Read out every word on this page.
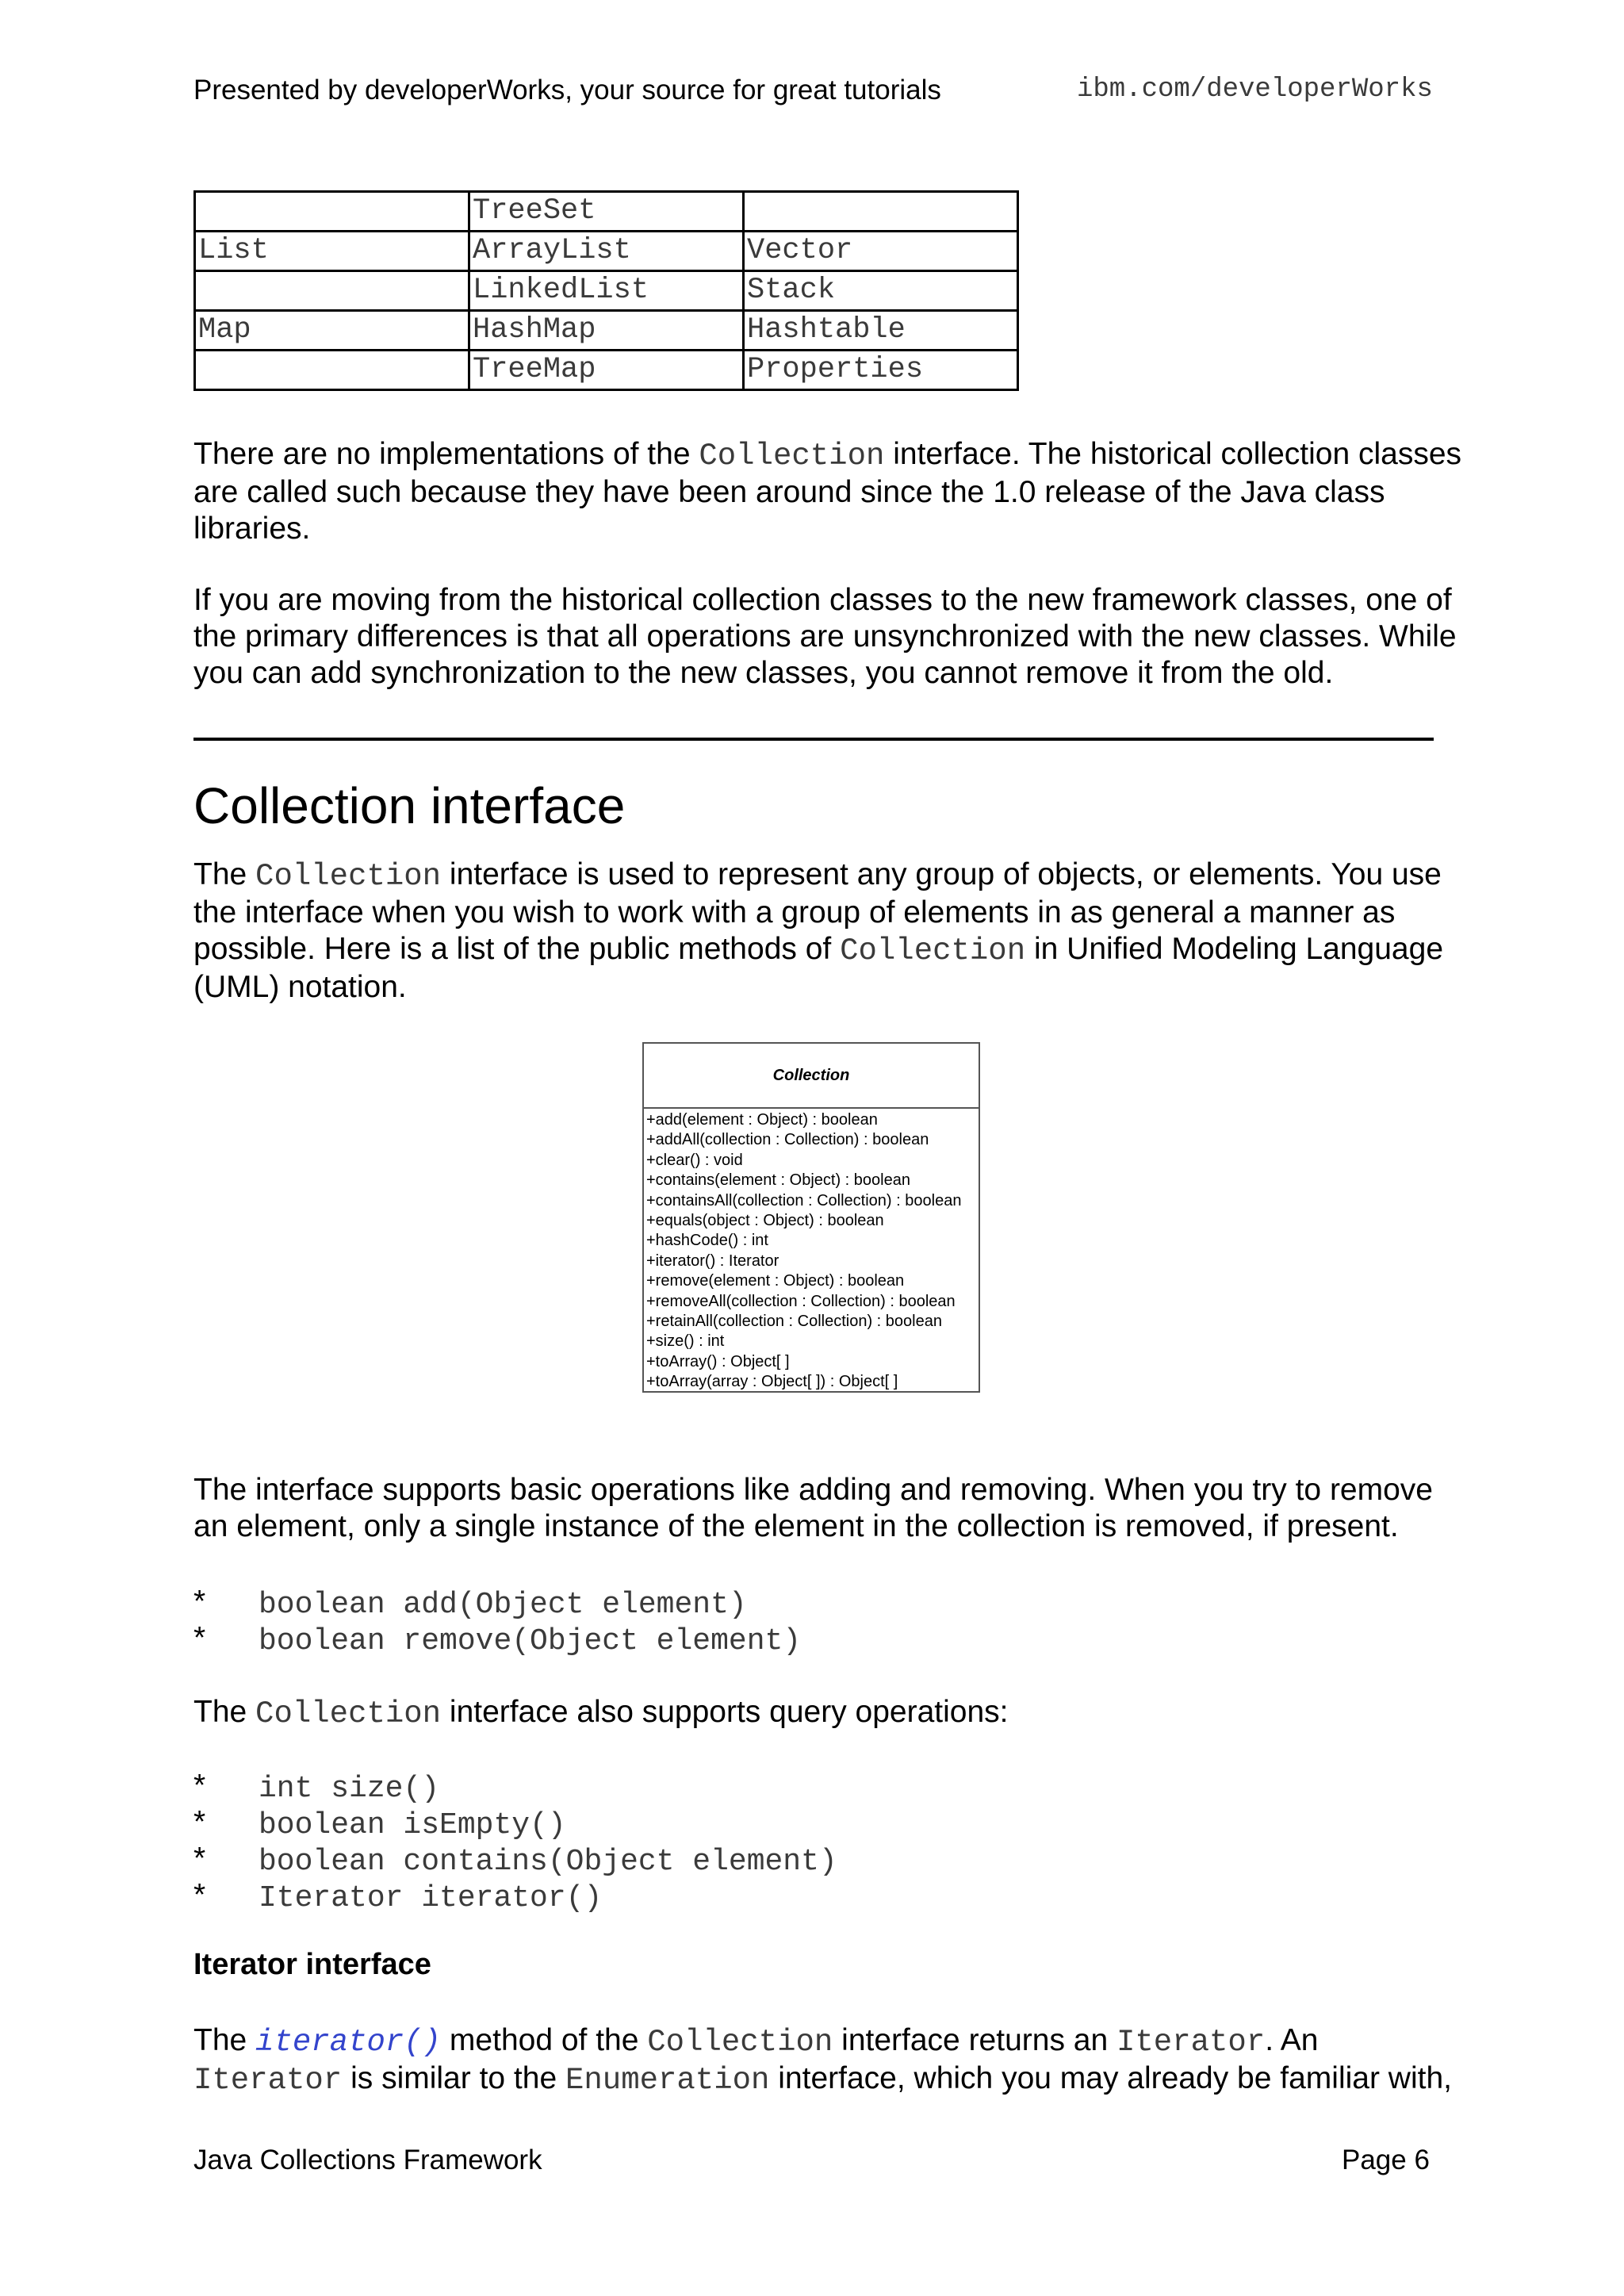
Presented by developerWorks, your source for great tutorials	ibm.com/developerWorks
	TreeSet	
List	ArrayList	Vector
	LinkedList	Stack
Map	HashMap	Hashtable
	TreeMap	Properties
There are no implementations of the Collection interface. The historical collection classes are called such because they have been around since the 1.0 release of the Java class libraries.
If you are moving from the historical collection classes to the new framework classes, one of the primary differences is that all operations are unsynchronized with the new classes. While you can add synchronization to the new classes, you cannot remove it from the old.
Collection interface
The Collection interface is used to represent any group of objects, or elements. You use the interface when you wish to work with a group of elements in as general a manner as possible. Here is a list of the public methods of Collection in Unified Modeling Language (UML) notation.
Collection
+add(element : Object) : boolean
+addAll(collection : Collection) : boolean
+clear() : void
+contains(element : Object) : boolean
+containsAll(collection : Collection) : boolean
+equals(object : Object) : boolean
+hashCode() : int
+iterator() : Iterator
+remove(element : Object) : boolean
+removeAll(collection : Collection) : boolean
+retainAll(collection : Collection) : boolean
+size() : int
+toArray() : Object[ ]
+toArray(array : Object[ ]) : Object[ ]
The interface supports basic operations like adding and removing. When you try to remove an element, only a single instance of the element in the collection is removed, if present.
* boolean add(Object element)
* boolean remove(Object element)
The Collection interface also supports query operations:
* int size()
* boolean isEmpty()
* boolean contains(Object element)
* Iterator iterator()
Iterator interface
The iterator() method of the Collection interface returns an Iterator. An Iterator is similar to the Enumeration interface, which you may already be familiar with,
Java Collections Framework	Page 6
